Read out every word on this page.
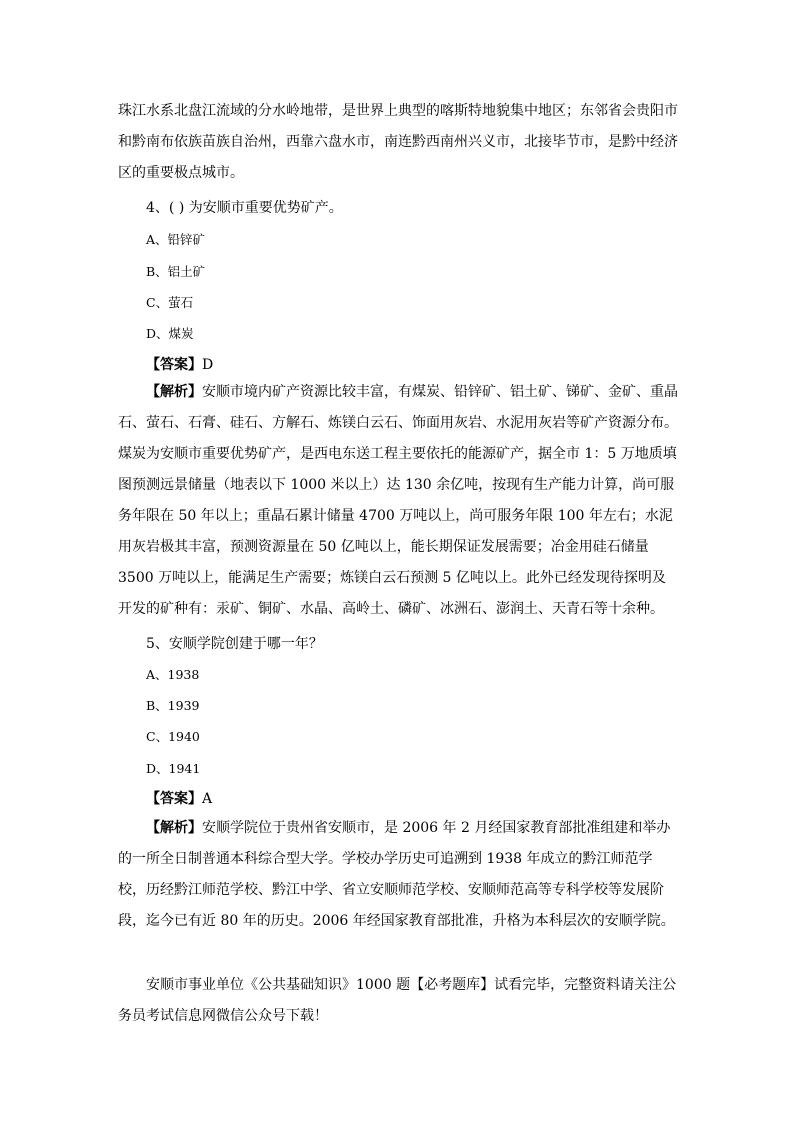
珠江水系北盘江流域的分水岭地带，是世界上典型的喀斯特地貌集中地区；东邻省会贵阳市和黔南布依族苗族自治州，西靠六盘水市，南连黔西南州兴义市，北接毕节市，是黔中经济区的重要极点城市。

4、( ) 为安顺市重要优势矿产。

A、铅锌矿

B、铝土矿

C、萤石

D、煤炭

【答案】D

【解析】安顺市境内矿产资源比较丰富，有煤炭、铅锌矿、铝土矿、锑矿、金矿、重晶石、萤石、石膏、硅石、方解石、炼镁白云石、饰面用灰岩、水泥用灰岩等矿产资源分布。煤炭为安顺市重要优势矿产，是西电东送工程主要依托的能源矿产，据全市 1：5 万地质填图预测远景储量（地表以下 1000 米以上）达 130 余亿吨，按现有生产能力计算，尚可服务年限在 50 年以上；重晶石累计储量 4700 万吨以上，尚可服务年限 100 年左右；水泥用灰岩极其丰富，预测资源量在 50 亿吨以上，能长期保证发展需要；冶金用硅石储量 3500 万吨以上，能满足生产需要；炼镁白云石预测 5 亿吨以上。此外已经发现待探明及开发的矿种有：汞矿、铜矿、水晶、高岭土、磷矿、冰洲石、澎润土、天青石等十余种。

5、安顺学院创建于哪一年？

A、1938

B、1939

C、1940

D、1941

【答案】A

【解析】安顺学院位于贵州省安顺市，是 2006 年 2 月经国家教育部批准组建和举办的一所全日制普通本科综合型大学。学校办学历史可追溯到 1938 年成立的黔江师范学校，历经黔江师范学校、黔江中学、省立安顺师范学校、安顺师范高等专科学校等发展阶段，迄今已有近 80 年的历史。2006 年经国家教育部批准，升格为本科层次的安顺学院。

安顺市事业单位《公共基础知识》1000 题【必考题库】试看完毕，完整资料请关注公务员考试信息网微信公众号下载！
